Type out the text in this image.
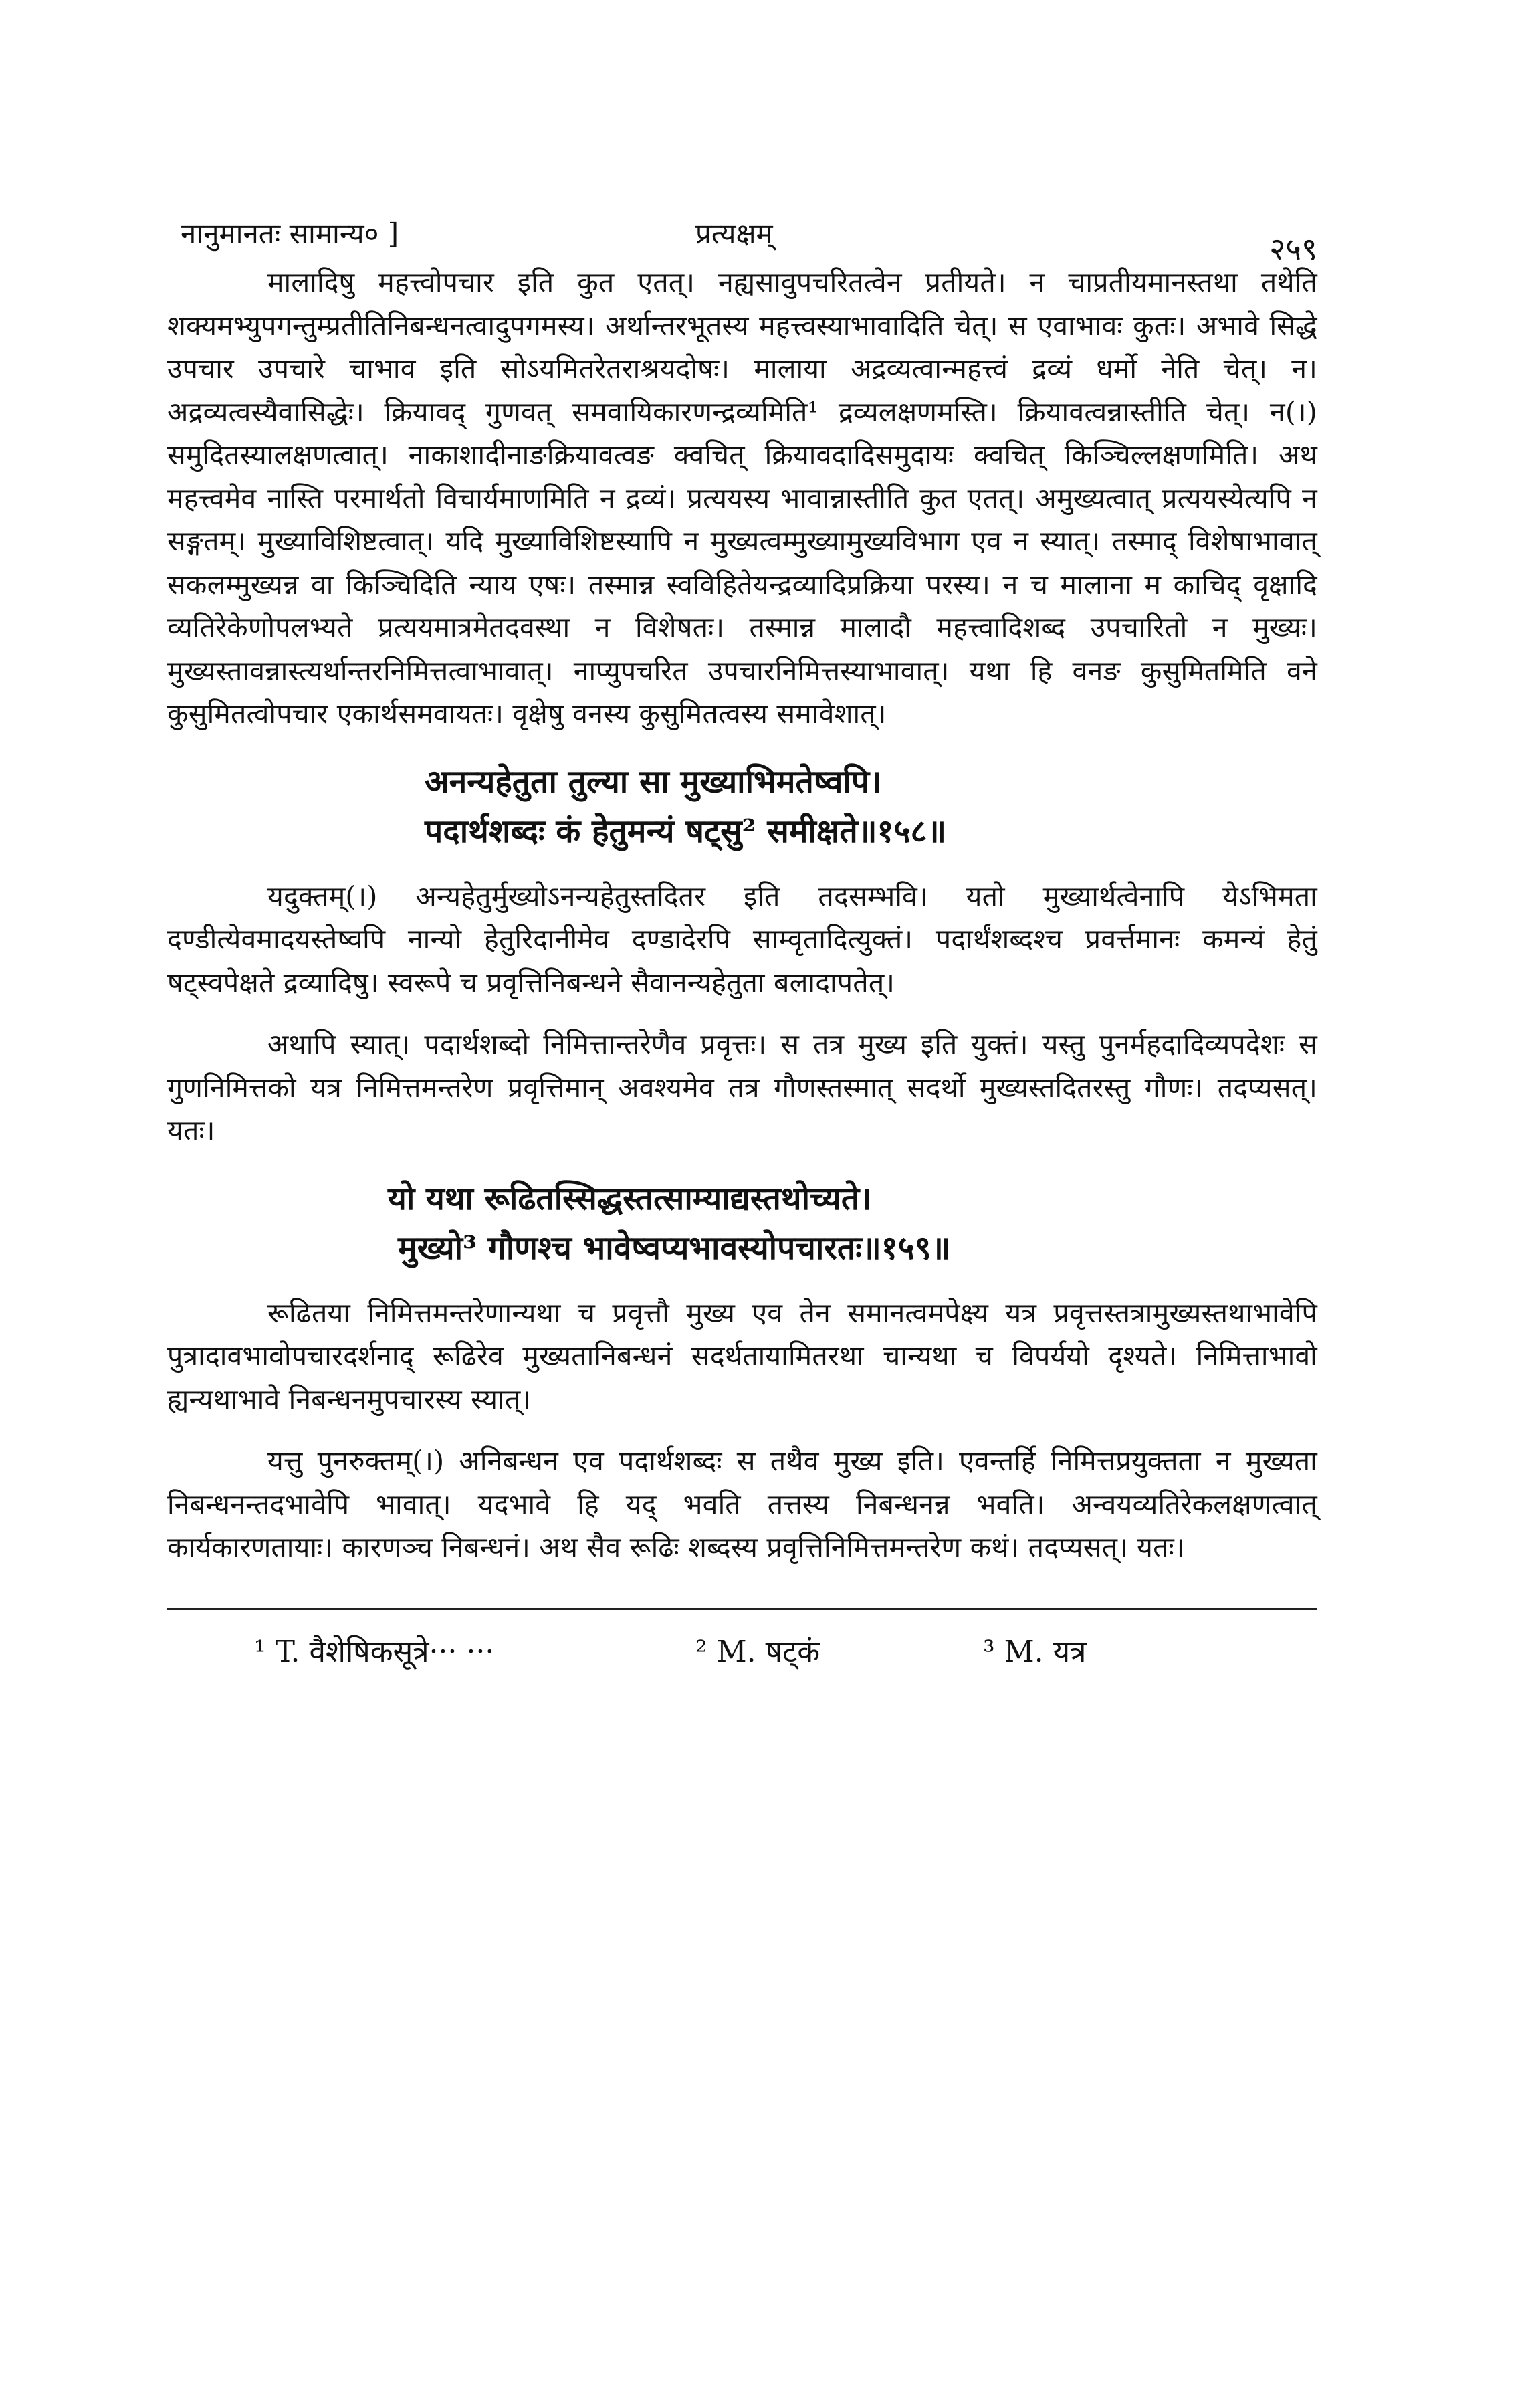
नानुमानतः सामान्य० ]	प्रत्यक्षम्	२५९

मालादिषु महत्त्वोपचार इति कुत एतत्। नह्यसावुपचरितत्वेन प्रतीयते। न चाप्रतीयमानस्तथा तथेति शक्यमभ्युपगन्तुम्प्रतीतिनिबन्धनत्वादुपगमस्य। अर्थान्तरभूतस्य महत्त्वस्याभावादिति चेत्। स एवाभावः कुतः। अभावे सिद्धे उपचार उपचारे चाभाव इति सोऽयमितरेतराश्रयदोषः। मालाया अद्रव्यत्वान्महत्त्वं द्रव्यं धर्मो नेति चेत्। न। अद्रव्यत्वस्यैवासिद्धेः। क्रियावद् गुणवत् समवायिकारणन्द्रव्यमिति¹ द्रव्यलक्षणमस्ति। क्रियावत्वन्नास्तीति चेत्। न(।) समुदितस्यालक्षणत्वात्। नाकाशादीनाङक्रियावत्वङ क्वचित् क्रियावदादिसमुदायः क्वचित् किञ्चिल्लक्षणमिति। अथ महत्त्वमेव नास्ति परमार्थतो विचार्यमाणमिति न द्रव्यं। प्रत्ययस्य भावान्नास्तीति कुत एतत्। अमुख्यत्वात् प्रत्ययस्येत्यपि न सङ्गतम्। मुख्याविशिष्टत्वात्। यदि मुख्याविशिष्टस्यापि न मुख्यत्वम्मुख्यामुख्यविभाग एव न स्यात्। तस्माद् विशेषाभावात् सकलम्मुख्यन्न वा किञ्चिदिति न्याय एषः। तस्मान्न स्वविहितेयन्द्रव्यादिप्रक्रिया परस्य। न च मालाना म काचिद् वृक्षादि व्यतिरेकेणोपलभ्यते प्रत्ययमात्रमेतदवस्था न विशेषतः। तस्मान्न मालादौ महत्त्वादिशब्द उपचारितो न मुख्यः। मुख्यस्तावन्नास्त्यर्थान्तरनिमित्तत्वाभावात्। नाप्युपचरित उपचारनिमित्तस्याभावात्। यथा हि वनङ कुसुमितमिति वने कुसुमितत्वोपचार एकार्थसमवायतः। वृक्षेषु वनस्य कुसुमितत्वस्य समावेशात्।

अनन्यहेतुता तुल्या सा मुख्याभिमतेष्वपि।
पदार्थशब्दः कं हेतुमन्यं षट्सु² समीक्षते॥१५८॥

यदुक्तम्(।) अन्यहेतुर्मुख्योऽनन्यहेतुस्तदितर इति तदसम्भवि। यतो मुख्यार्थत्वेनापि येऽभिमता दण्डीत्येवमादयस्तेष्वपि नान्यो हेतुरिदानीमेव दण्डादेरपि साम्वृतादित्युक्तं। पदार्थंशब्दश्च प्रवर्त्तमानः कमन्यं हेतुं षट्स्वपेक्षते द्रव्यादिषु। स्वरूपे च प्रवृत्तिनिबन्धने सैवानन्यहेतुता बलादापतेत्।

अथापि स्यात्। पदार्थशब्दो निमित्तान्तरेणैव प्रवृत्तः। स तत्र मुख्य इति युक्तं। यस्तु पुनर्महदादिव्यपदेशः स गुणनिमित्तको यत्र निमित्तमन्तरेण प्रवृत्तिमान् अवश्यमेव तत्र गौणस्तस्मात् सदर्थो मुख्यस्तदितरस्तु गौणः। तदप्यसत्। यतः।

यो यथा रूढितस्सिद्धस्तत्साम्याद्यस्तथोच्यते।
मुख्यो³ गौणश्च भावेष्वप्यभावस्योपचारतः॥१५९॥

रूढितया निमित्तमन्तरेणान्यथा च प्रवृत्तौ मुख्य एव तेन समानत्वमपेक्ष्य यत्र प्रवृत्तस्तत्रामुख्यस्तथाभावेपि पुत्रादावभावोपचारदर्शनाद् रूढिरेव मुख्यतानिबन्धनं सदर्थतायामितरथा चान्यथा च विपर्ययो दृश्यते। निमित्ताभावो ह्यन्यथाभावे निबन्धनमुपचारस्य स्यात्।

यत्तु पुनरुक्तम्(।) अनिबन्धन एव पदार्थशब्दः स तथैव मुख्य इति। एवन्तर्हि निमित्तप्रयुक्तता न मुख्यता निबन्धनन्तदभावेपि भावात्। यदभावे हि यद् भवति तत्तस्य निबन्धनन्न भवति। अन्वयव्यतिरेकलक्षणत्वात् कार्यकारणतायाः। कारणञ्च निबन्धनं। अथ सैव रूढिः शब्दस्य प्रवृत्तिनिमित्तमन्तरेण कथं। तदप्यसत्। यतः।

¹ T. वैशेषिकसूत्रे··· ···	² M. षट्कं	³ M. यत्र
